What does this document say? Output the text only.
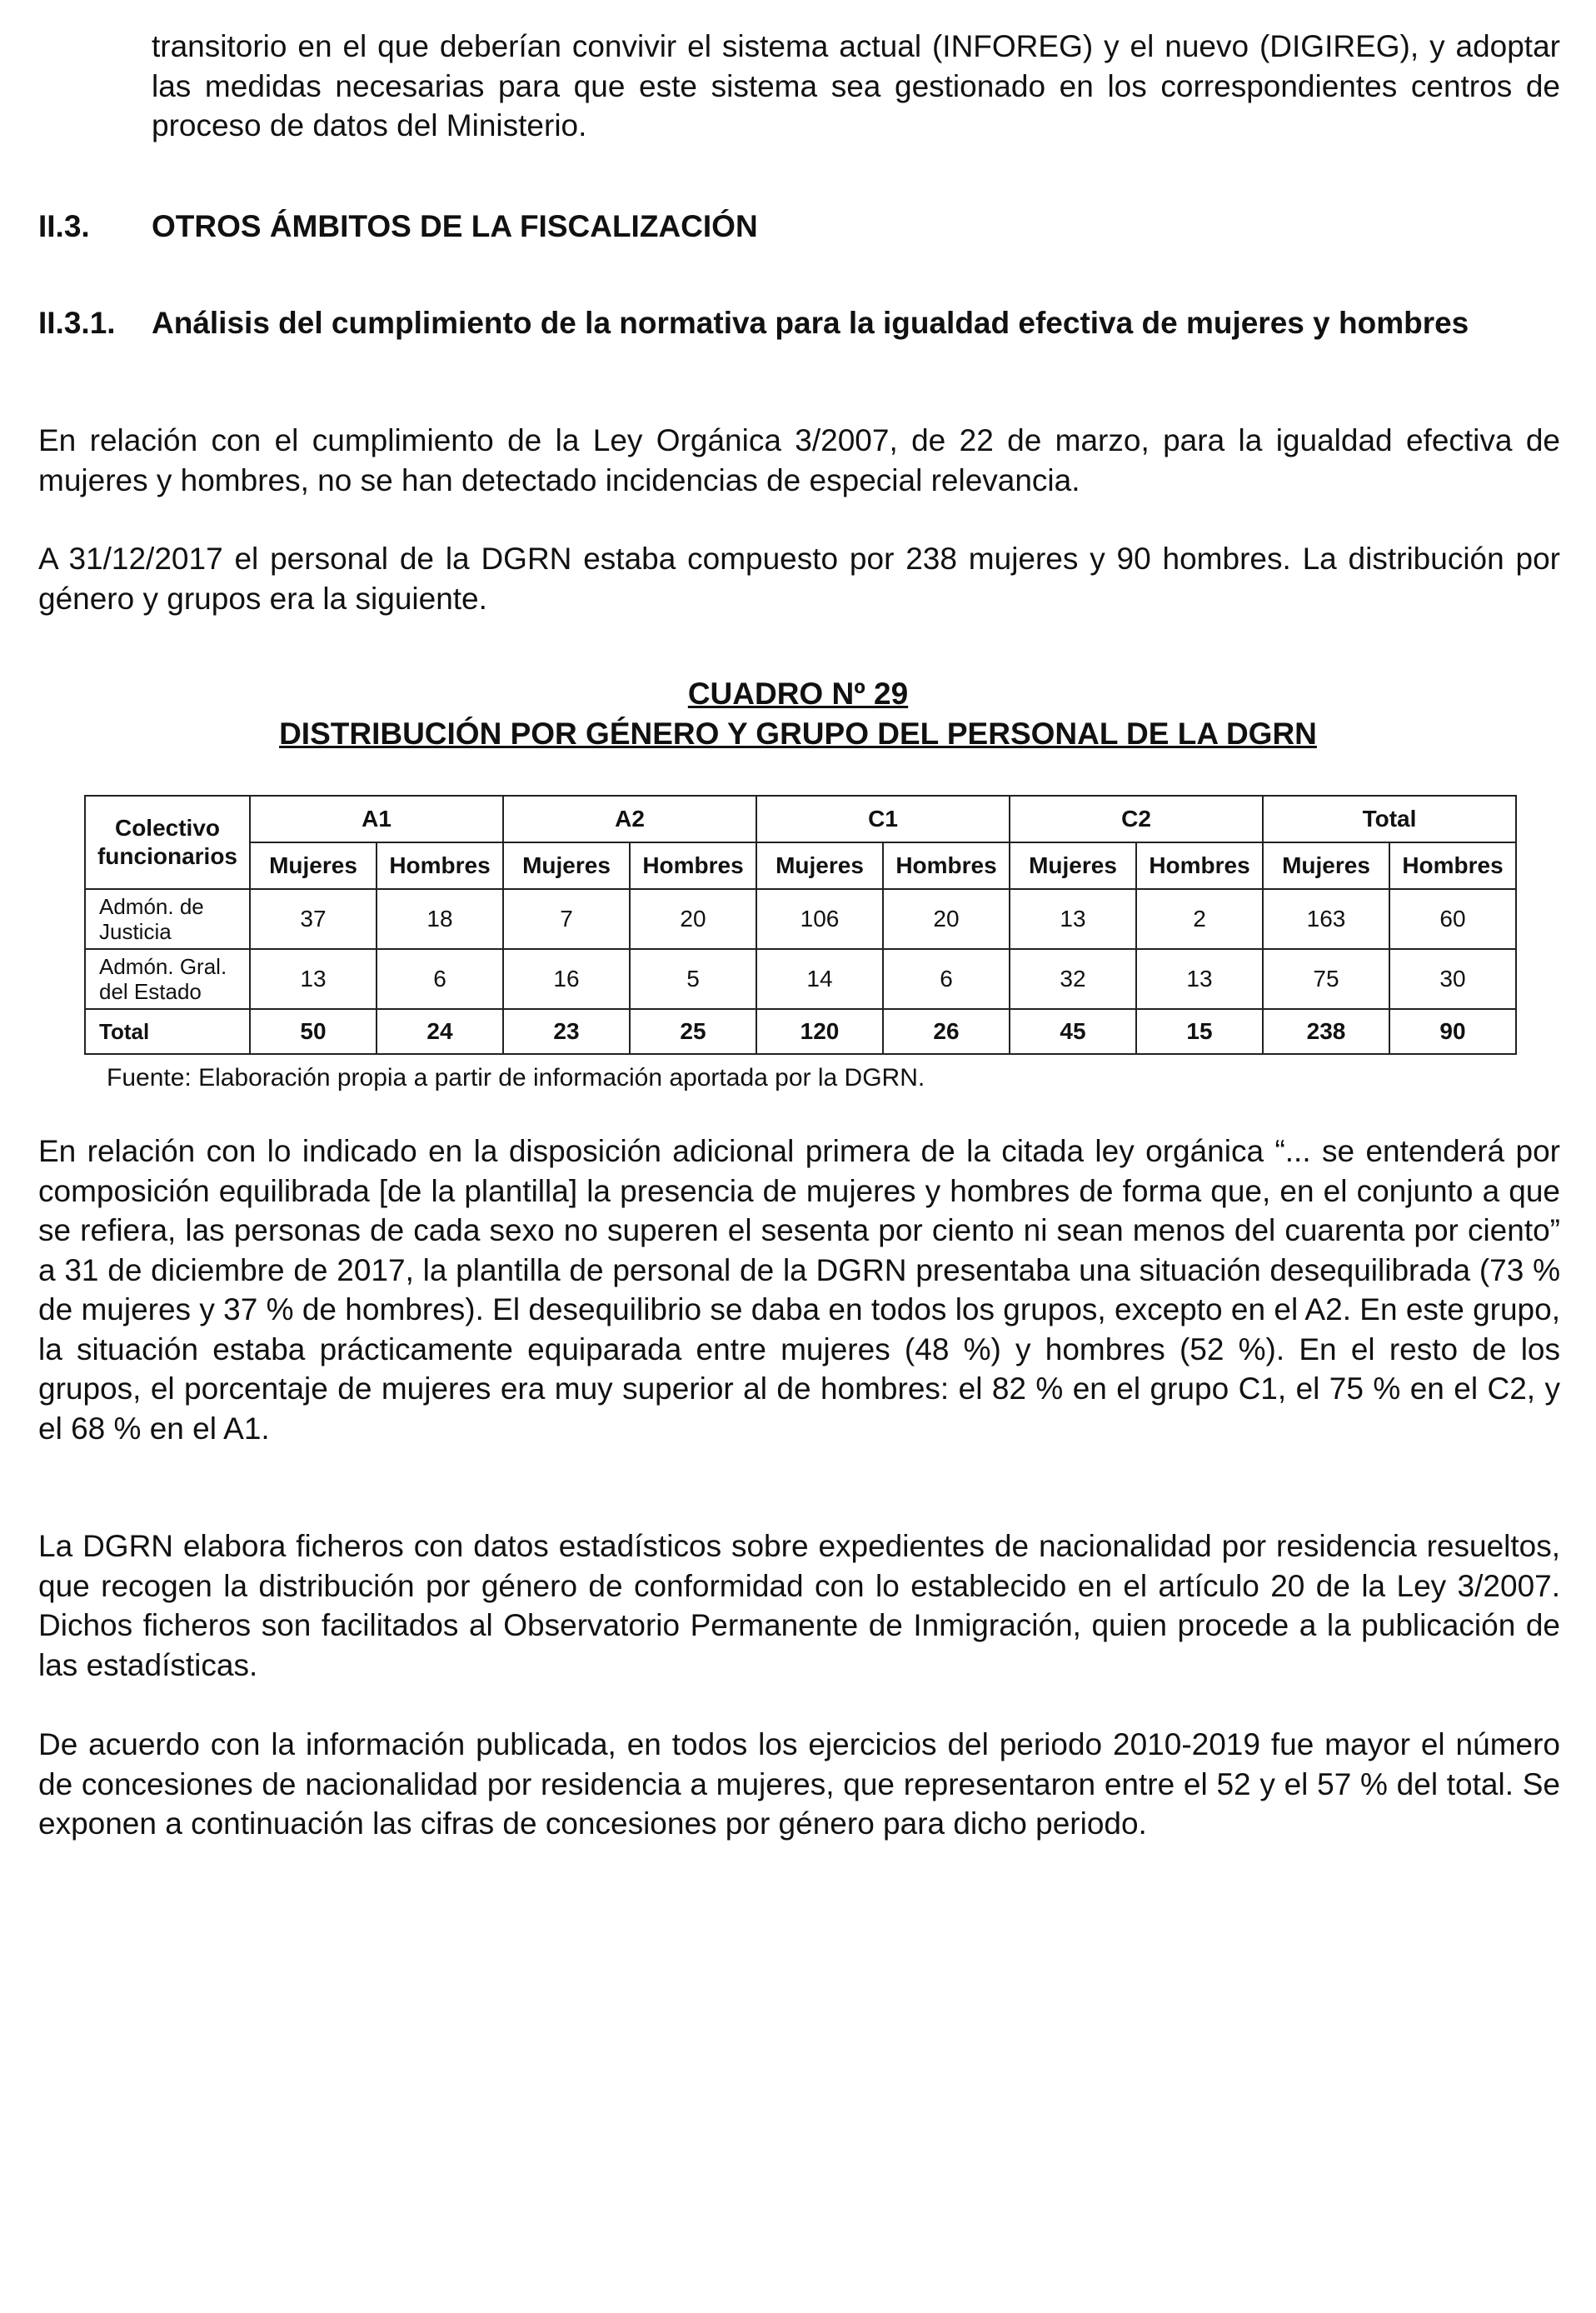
transitorio en el que deberían convivir el sistema actual (INFOREG) y el nuevo (DIGIREG), y adoptar las medidas necesarias para que este sistema sea gestionado en los correspondientes centros de proceso de datos del Ministerio.

II.3. OTROS ÁMBITOS DE LA FISCALIZACIÓN
II.3.1. Análisis del cumplimiento de la normativa para la igualdad efectiva de mujeres y hombres

En relación con el cumplimiento de la Ley Orgánica 3/2007, de 22 de marzo, para la igualdad efectiva de mujeres y hombres, no se han detectado incidencias de especial relevancia.

A 31/12/2017 el personal de la DGRN estaba compuesto por 238 mujeres y 90 hombres. La distribución por género y grupos era la siguiente.

CUADRO Nº 29

DISTRIBUCIÓN POR GÉNERO Y GRUPO DEL PERSONAL DE LA DGRN

Colectivo funcionarios	A1		A2		C1		C2		Total	
	Mujeres	Hombres	Mujeres	Hombres	Mujeres	Hombres	Mujeres	Hombres	Mujeres	Hombres
Admón. de Justicia	37	18	7	20	106	20	13	2	163	60
Admón. Gral. del Estado	13	6	16	5	14	6	32	13	75	30
Total	50	24	23	25	120	26	45	15	238	90

Fuente: Elaboración propia a partir de información aportada por la DGRN.

En relación con lo indicado en la disposición adicional primera de la citada ley orgánica “... se entenderá por composición equilibrada [de la plantilla] la presencia de mujeres y hombres de forma que, en el conjunto a que se refiera, las personas de cada sexo no superen el sesenta por ciento ni sean menos del cuarenta por ciento” a 31 de diciembre de 2017, la plantilla de personal de la DGRN presentaba una situación desequilibrada (73 % de mujeres y 37 % de hombres). El desequilibrio se daba en todos los grupos, excepto en el A2. En este grupo, la situación estaba prácticamente equiparada entre mujeres (48 %) y hombres (52 %). En el resto de los grupos, el porcentaje de mujeres era muy superior al de hombres: el 82 % en el grupo C1, el 75 % en el C2, y el 68 % en el A1.

La DGRN elabora ficheros con datos estadísticos sobre expedientes de nacionalidad por residencia resueltos, que recogen la distribución por género de conformidad con lo establecido en el artículo 20 de la Ley 3/2007. Dichos ficheros son facilitados al Observatorio Permanente de Inmigración, quien procede a la publicación de las estadísticas.

De acuerdo con la información publicada, en todos los ejercicios del periodo 2010-2019 fue mayor el número de concesiones de nacionalidad por residencia a mujeres, que representaron entre el 52 y el 57 % del total. Se exponen a continuación las cifras de concesiones por género para dicho periodo.
